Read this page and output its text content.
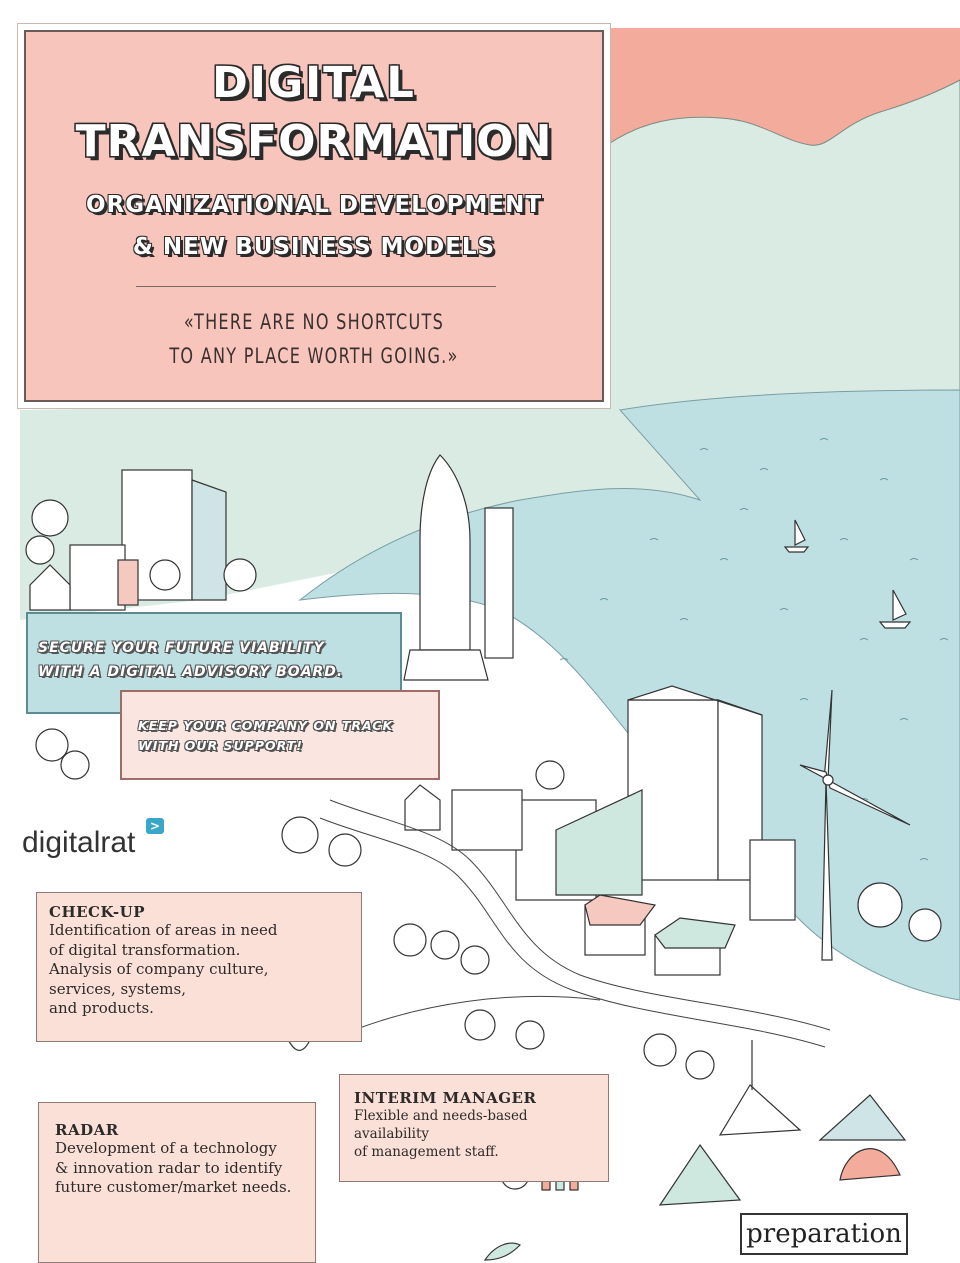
DIGITAL
TRANSFORMATION
ORGANIZATIONAL DEVELOPMENT
& NEW BUSINESS MODELS
«THERE ARE NO SHORTCUTS
TO ANY PLACE WORTH GOING.»
SECURE YOUR FUTURE VIABILITY
WITH A DIGITAL ADVISORY BOARD.
KEEP YOUR COMPANY ON TRACK
WITH OUR SUPPORT!
digitalrat	>
CHECK-UP
Identification of areas in need
of digital transformation.
Analysis of company culture,
services, systems,
and products.
INTERIM MANAGER
Flexible and needs-based availability
of management staff.
RADAR
Development of a technology
& innovation radar to identify
future customer/market needs.
preparation
